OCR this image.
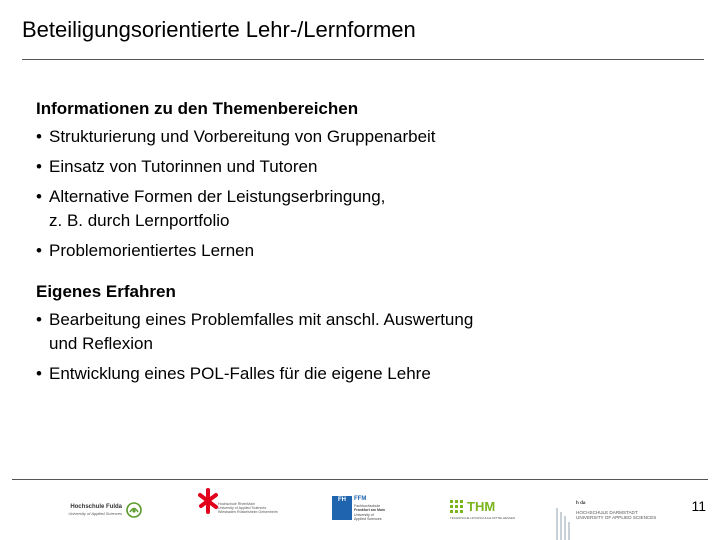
Beteiligungsorientierte Lehr-/Lernformen
Informationen zu den Themenbereichen
• Strukturierung und Vorbereitung von Gruppenarbeit
• Einsatz von Tutorinnen und Tutoren
• Alternative Formen der Leistungserbringung,
z. B. durch Lernportfolio
• Problemorientiertes Lernen
Eigenes Erfahren
• Bearbeitung eines Problemfalles mit anschl. Auswertung
und Reflexion
• Entwicklung eines POL-Falles für die eigene Lehre
Hochschule Fulda
University of Applied Sciences
Hochschule RheinMain
University of Applied Sciences
Wiesbaden Rüsselsheim Geisenheim
FH	FFM
Fachhochschule
Frankfurt am Main
University of
Applied Sciences
THM
TECHNISCHE HOCHSCHULE MITTELHESSEN
h da
HOCHSCHULE DARMSTADT
UNIVERSITY OF APPLIED SCIENCES
11
